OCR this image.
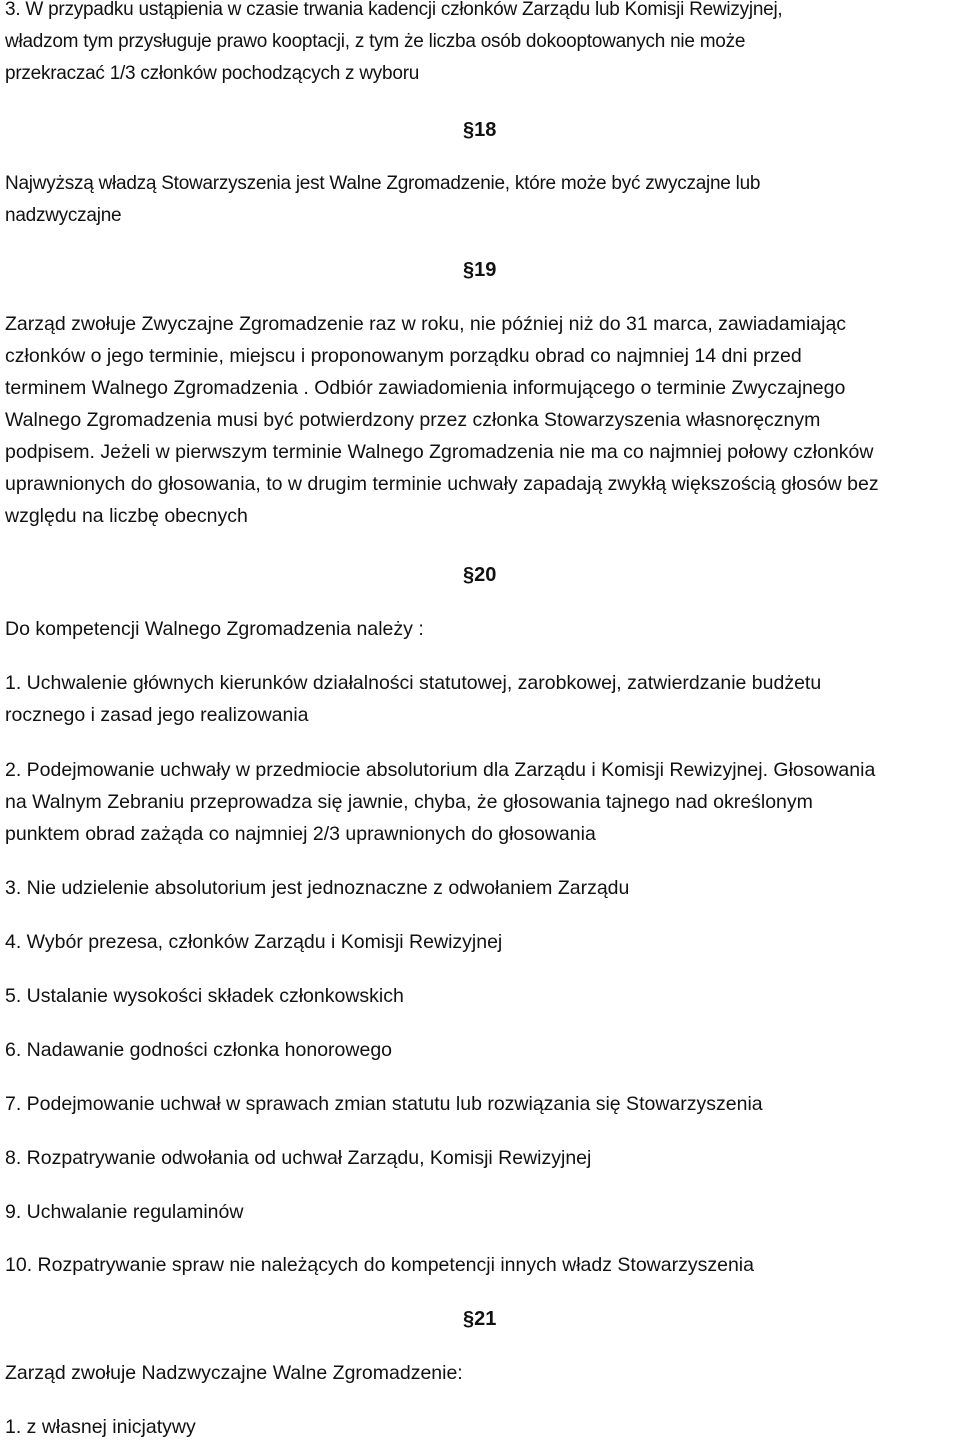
3. W przypadku ustąpienia w czasie trwania kadencji członków Zarządu lub Komisji Rewizyjnej,
władzom tym przysługuje prawo kooptacji, z tym że liczba osób dokooptowanych nie może
przekraczać 1/3 członków pochodzących z wyboru
§18
Najwyższą władzą Stowarzyszenia jest Walne Zgromadzenie, które może być zwyczajne lub
nadzwyczajne
§19
Zarząd zwołuje Zwyczajne Zgromadzenie raz w roku, nie później niż do 31 marca, zawiadamiając
członków o jego terminie, miejscu i proponowanym porządku obrad co najmniej 14 dni przed
terminem Walnego Zgromadzenia . Odbiór zawiadomienia informującego o terminie Zwyczajnego
Walnego Zgromadzenia musi być potwierdzony przez członka Stowarzyszenia własnoręcznym
podpisem. Jeżeli w pierwszym terminie Walnego Zgromadzenia nie ma co najmniej połowy członków
uprawnionych do głosowania, to w drugim terminie uchwały zapadają zwykłą większością głosów bez
względu na liczbę obecnych
§20
Do kompetencji Walnego Zgromadzenia należy :
1. Uchwalenie głównych kierunków działalności statutowej, zarobkowej, zatwierdzanie budżetu
rocznego i zasad jego realizowania
2. Podejmowanie uchwały w przedmiocie absolutorium dla Zarządu i Komisji Rewizyjnej. Głosowania
na Walnym Zebraniu przeprowadza się jawnie, chyba, że głosowania tajnego nad określonym
punktem obrad zażąda co najmniej 2/3 uprawnionych do głosowania
3. Nie udzielenie absolutorium jest jednoznaczne z odwołaniem Zarządu
4. Wybór prezesa, członków Zarządu i Komisji Rewizyjnej
5. Ustalanie wysokości składek członkowskich
6. Nadawanie godności członka honorowego
7. Podejmowanie uchwał w sprawach zmian statutu lub rozwiązania się Stowarzyszenia
8. Rozpatrywanie odwołania od uchwał Zarządu, Komisji Rewizyjnej
9. Uchwalanie regulaminów
10. Rozpatrywanie spraw nie należących do kompetencji innych władz Stowarzyszenia
§21
Zarząd zwołuje Nadzwyczajne Walne Zgromadzenie:
1. z własnej inicjatywy
